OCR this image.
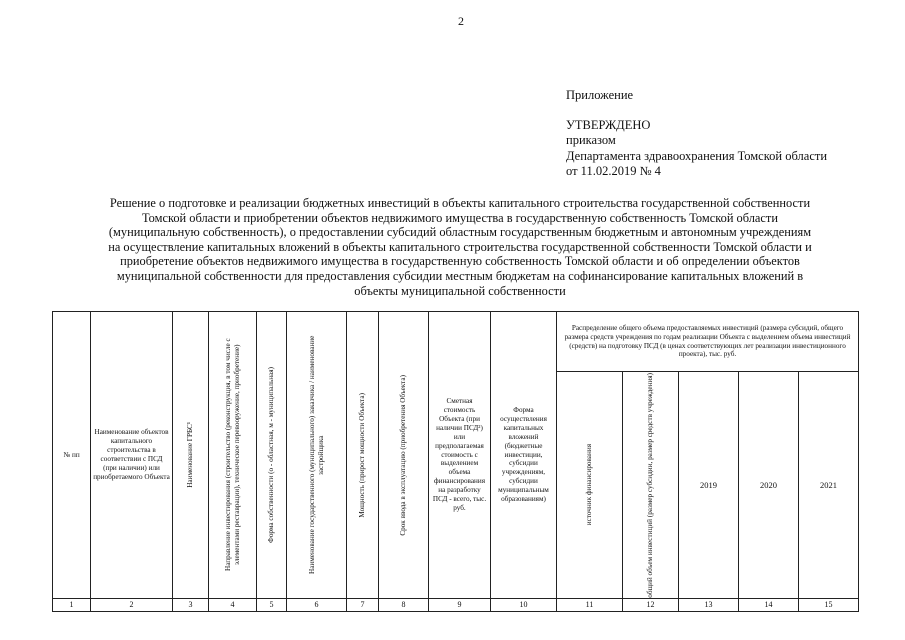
2
Приложение
УТВЕРЖДЕНО
приказом
Департамента здравоохранения Томской области
от 11.02.2019 № 4
Решение о подготовке и реализации бюджетных инвестиций в объекты капитального строительства государственной собственности
Томской области и приобретении объектов недвижимого имущества в государственную собственность Томской области
(муниципальную собственность), о предоставлении субсидий областным государственным бюджетным и автономным учреждениям
на осуществление капитальных вложений в объекты капитального строительства государственной собственности Томской области и
приобретение объектов недвижимого имущества в государственную собственность Томской области и об определении объектов
муниципальной собственности для предоставления субсидии местным бюджетам на софинансирование капитальных вложений в
объекты муниципальной собственности
№ пп	Наименование объектов капитального строительства в соответствии с ПСД (при наличии) или приобретаемого Объекта	Наименование ГРБС¹	Направление инвестирования (строительство (реконструкция, в том числе с элементами реставрации), техническое перевооружение, приобретение)	Форма собственности (о - областная, м - муниципальная)	Наименование государственного (муниципального) заказчика / наименование застройщика	Мощность (прирост мощности Объекта)	Срок ввода в эксплуатацию (приобретения Объекта)	Сметная стоимость Объекта (при наличии ПСД²) или предполагаемая стоимость с выделением объема финансирования на разработку ПСД - всего, тыс. руб.	Форма осуществления капитальных вложений (бюджетные инвестиции, субсидии учреждениям, субсидии муниципальным образованиям)	Распределение общего объема предоставляемых инвестиций (размера субсидий, общего размера средств учреждения по годам реализации Объекта с выделением объема инвестиций (средств) на подготовку ПСД (в ценах соответствующих лет реализации инвестиционного проекта), тыс. руб.				

										источник финансирования	общий объем инвестиций (размер субсидии, размер средств учреждения)	2019	2020	2021

1	2	3	4	5	6	7	8	9	10	11	12	13	14	15
